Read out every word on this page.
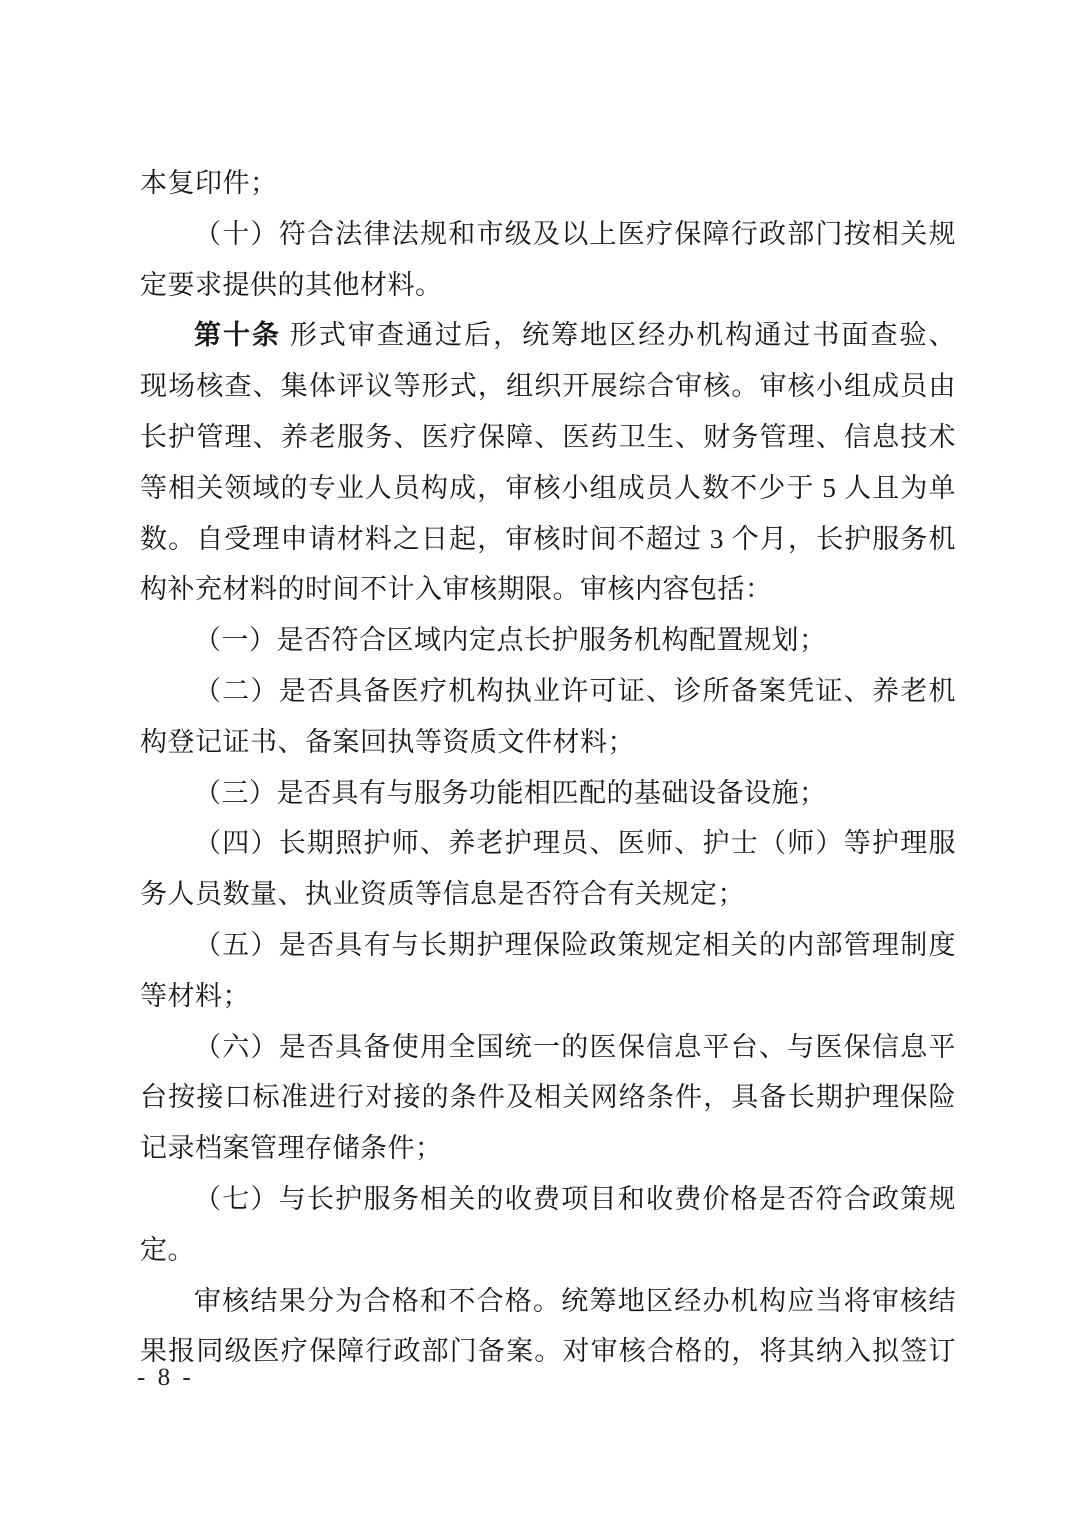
本复印件；
（十）符合法律法规和市级及以上医疗保障行政部门按相关规
定要求提供的其他材料。
第十条 形式审查通过后，统筹地区经办机构通过书面查验、
现场核查、集体评议等形式，组织开展综合审核。审核小组成员由
长护管理、养老服务、医疗保障、医药卫生、财务管理、信息技术
等相关领域的专业人员构成，审核小组成员人数不少于 5 人且为单
数。自受理申请材料之日起，审核时间不超过 3 个月，长护服务机
构补充材料的时间不计入审核期限。审核内容包括：
（一）是否符合区域内定点长护服务机构配置规划；
（二）是否具备医疗机构执业许可证、诊所备案凭证、养老机
构登记证书、备案回执等资质文件材料；
（三）是否具有与服务功能相匹配的基础设备设施；
（四）长期照护师、养老护理员、医师、护士（师）等护理服
务人员数量、执业资质等信息是否符合有关规定；
（五）是否具有与长期护理保险政策规定相关的内部管理制度
等材料；
（六）是否具备使用全国统一的医保信息平台、与医保信息平
台按接口标准进行对接的条件及相关网络条件，具备长期护理保险
记录档案管理存储条件；
（七）与长护服务相关的收费项目和收费价格是否符合政策规
定。
审核结果分为合格和不合格。统筹地区经办机构应当将审核结
果报同级医疗保障行政部门备案。对审核合格的，将其纳入拟签订
- 8 -
